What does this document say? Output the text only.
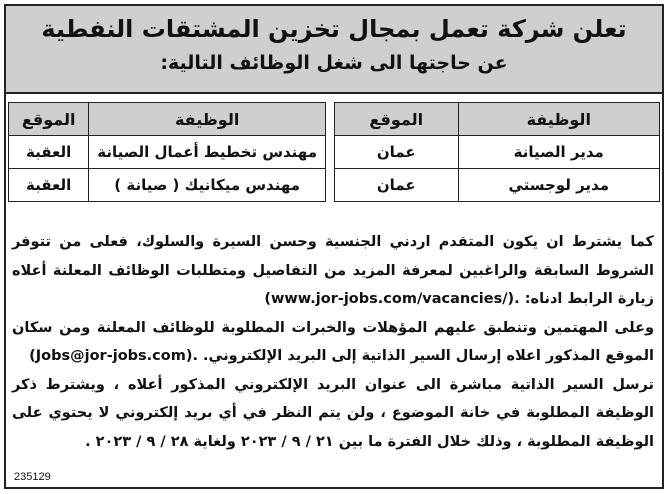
تعلن شركة تعمل بمجال تخزين المشتقات النفطية
عن حاجتها الى شغل الوظائف التالية:
الوظيفة	الموقع
مدير الصيانة	عمان
مدير لوجستي	عمان
الوظيفة	الموقع
مهندس تخطيط أعمال الصيانة	العقبة
مهندس ميكانيك ( صيانة )	العقبة

كما يشترط ان يكون المتقدم اردني الجنسية وحسن السيرة والسلوك، فعلى من تتوفر الشروط السابقة والراغبين لمعرفة المزيد من التفاصيل ومتطلبات الوظائف المعلنة أعلاه زيارة الرابط ادناه: (www.jor-jobs.com/vacancies/).

وعلى المهتمين وتنطبق عليهم المؤهلات والخبرات المطلوبة للوظائف المعلنة ومن سكان الموقع المذكور اعلاه إرسال السير الذاتية إلى البريد الإلكتروني. (Jobs@jor-jobs.com).

ترسل السير الذاتية مباشرة الى عنوان البريد الإلكتروني المذكور أعلاه ، ويشترط ذكر الوظيفة المطلوبة في خانة الموضوع ، ولن يتم النظر في أي بريد إلكتروني لا يحتوي على الوظيفة المطلوبة ، وذلك خلال الفترة ما بين ٢١ / ٩ / ٢٠٢٣ ولغاية ٢٨ / ٩ / ٢٠٢٣ .

235129
